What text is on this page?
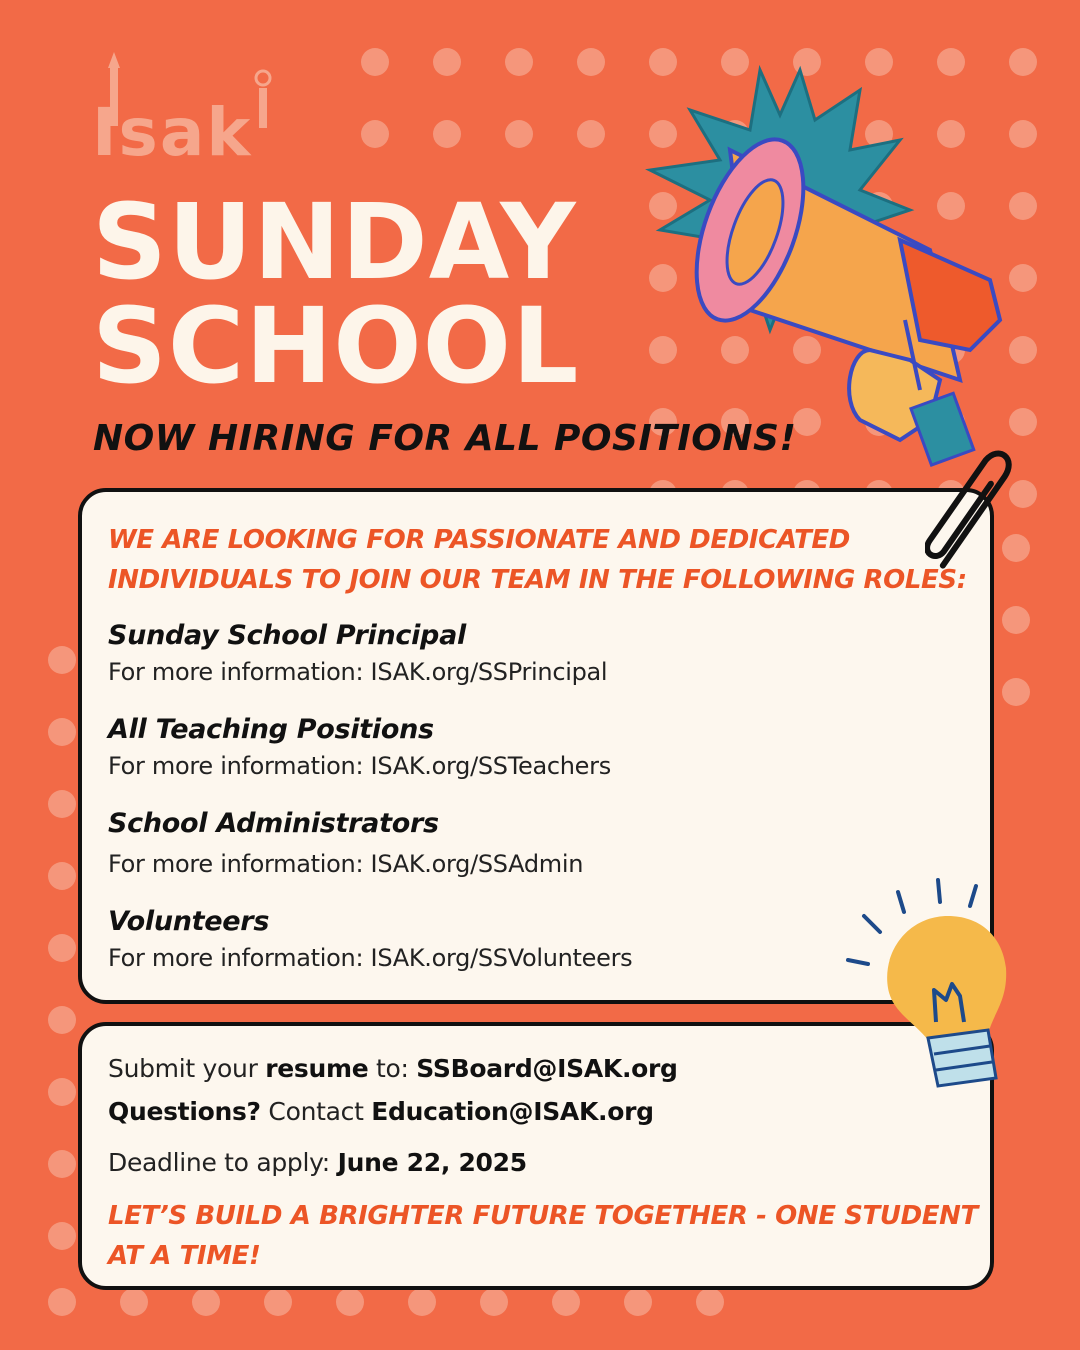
Isak
SUNDAY
SCHOOL
NOW HIRING FOR ALL POSITIONS!
WE ARE LOOKING FOR PASSIONATE AND DEDICATED INDIVIDUALS TO JOIN OUR TEAM IN THE FOLLOWING ROLES:
Sunday School Principal
For more information: ISAK.org/SSPrincipal
All Teaching Positions
For more information: ISAK.org/SSTeachers
School Administrators
For more information: ISAK.org/SSAdmin
Volunteers
For more information: ISAK.org/SSVolunteers
Submit your resume to: SSBoard@ISAK.org
Questions? Contact Education@ISAK.org
Deadline to apply: June 22, 2025
LET’S BUILD A BRIGHTER FUTURE TOGETHER - ONE STUDENT AT A TIME!
